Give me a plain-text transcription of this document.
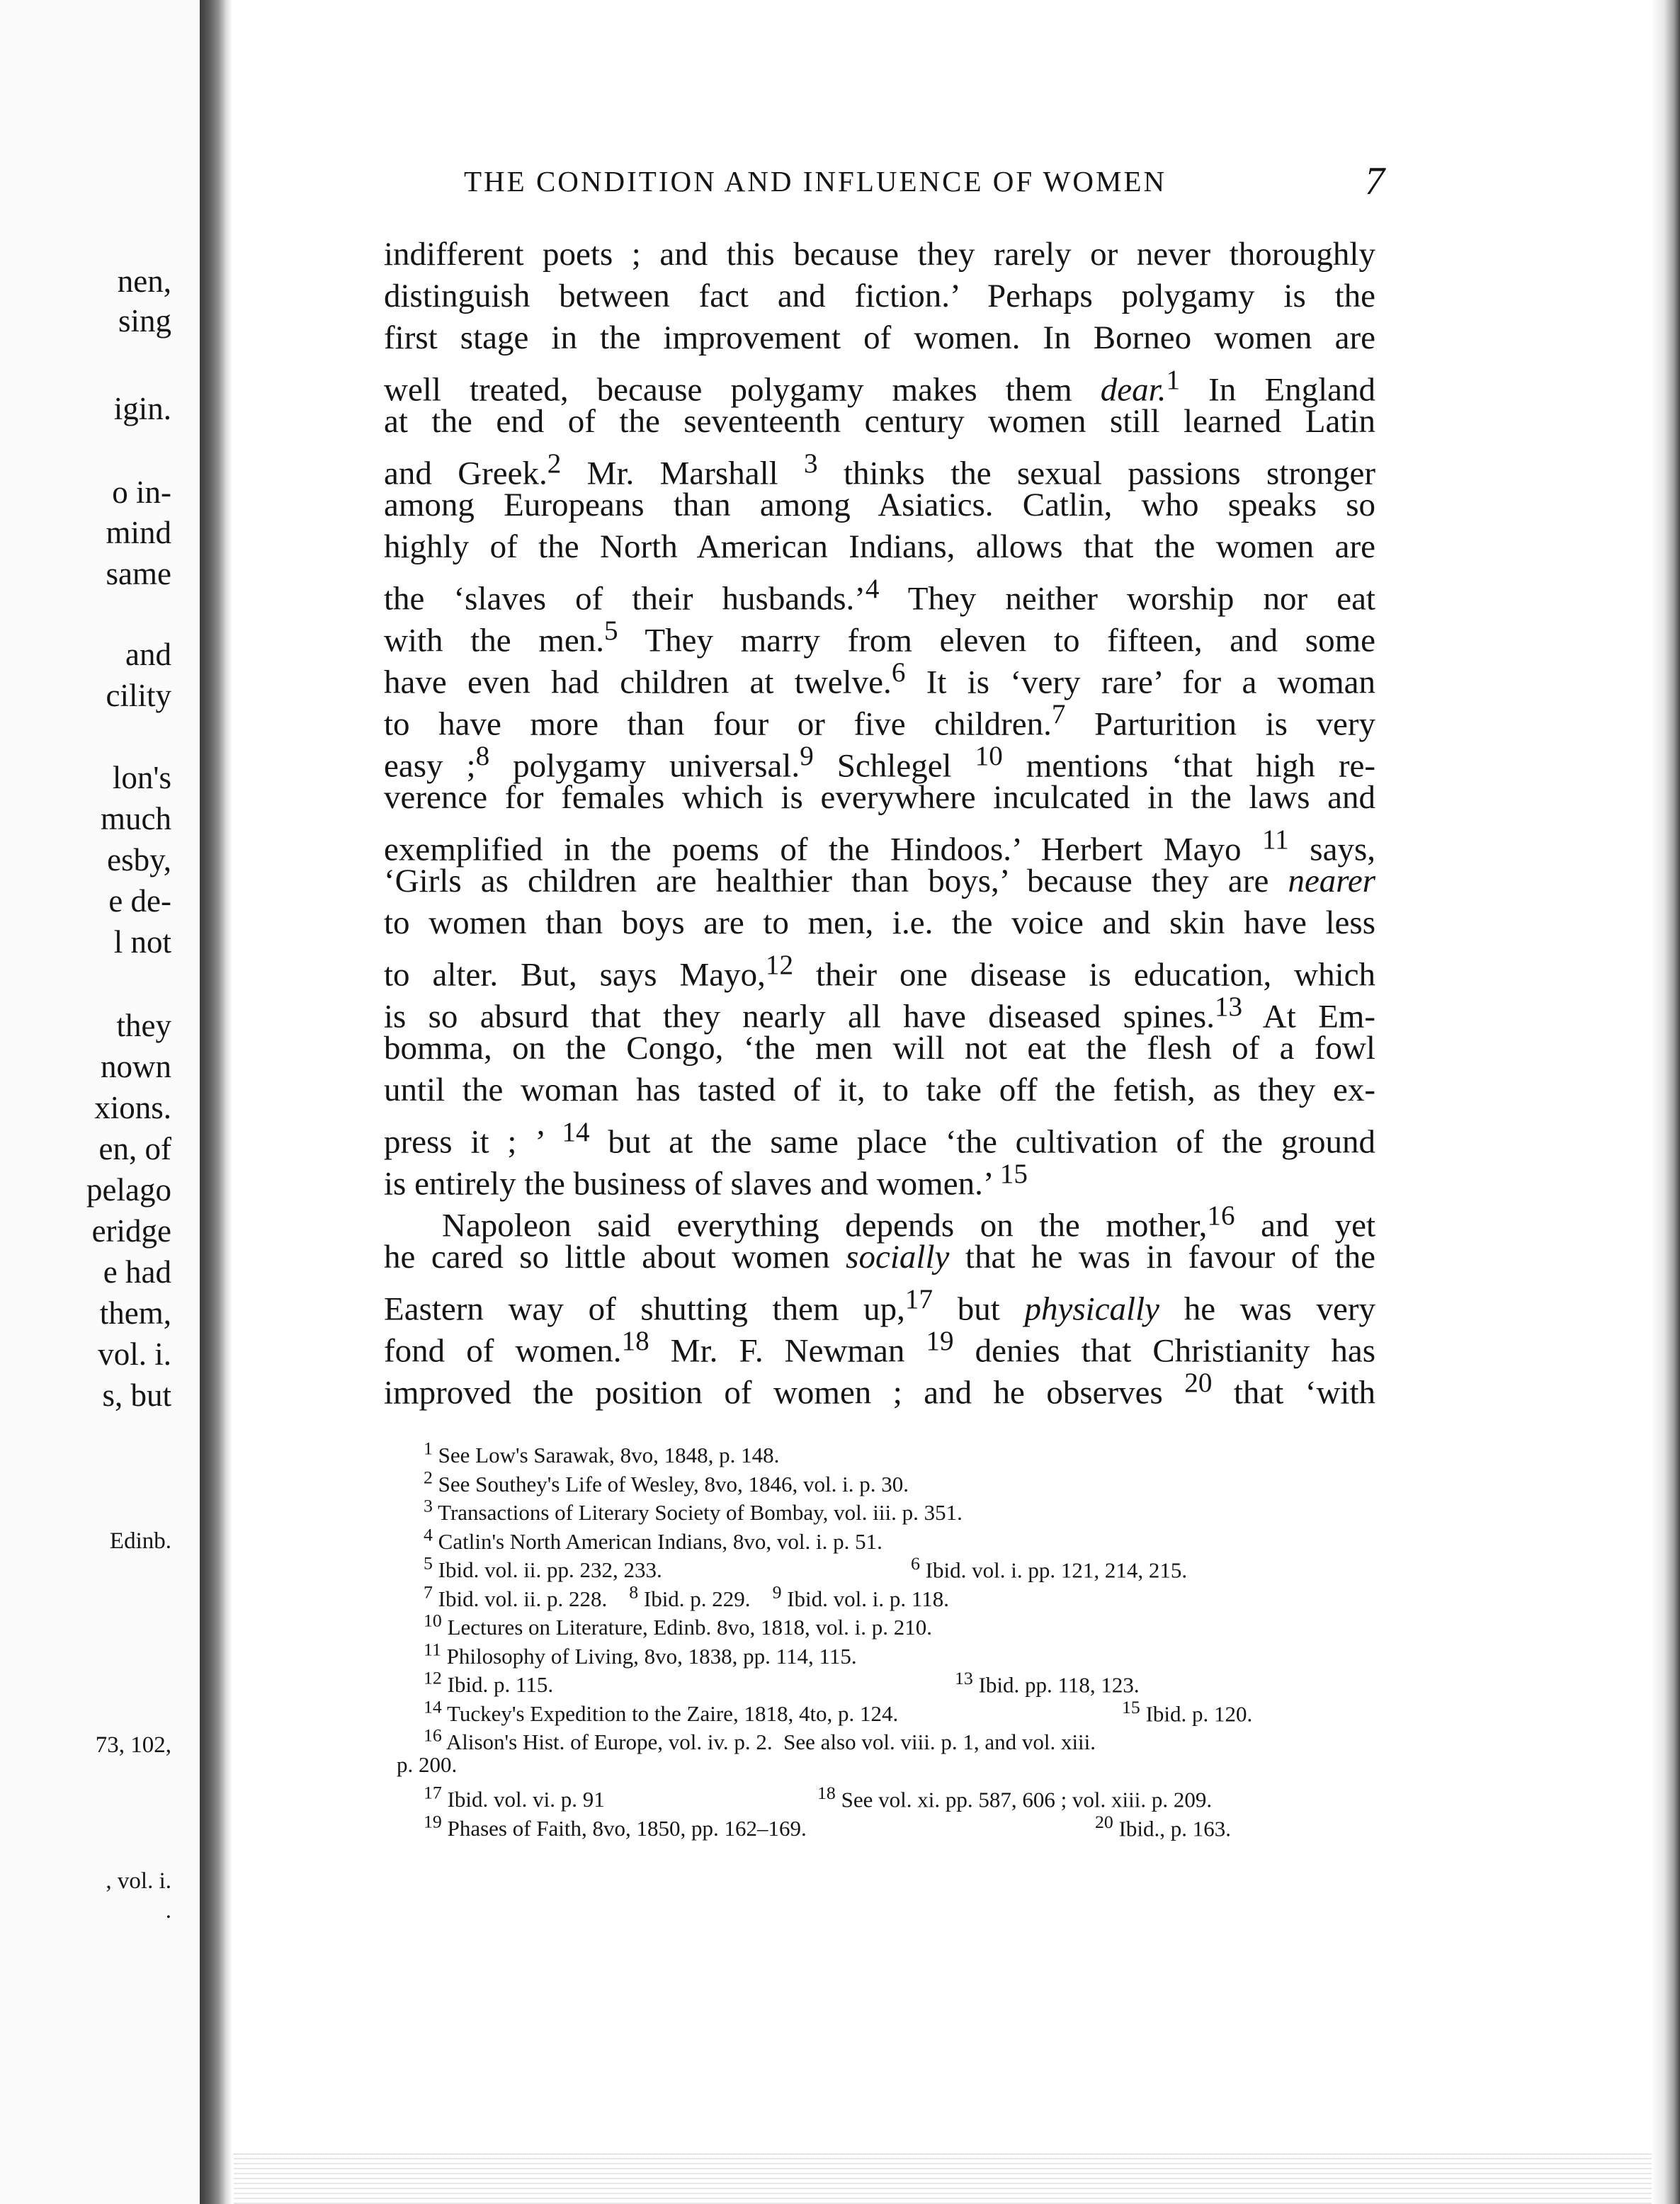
nen,
sing
igin.
o in-
mind
same
and
cility
lon's
much
esby,
e de-
l not
they
nown
xions.
en, of
pelago
eridge
e had
them,
vol. i.
s, but
Edinb.
73, 102,
, vol. i.
.
THE CONDITION AND INFLUENCE OF WOMEN	7
indifferent poets ; and this because they rarely or never thoroughly
distinguish between fact and fiction.’ Perhaps polygamy is the
first stage in the improvement of women. In Borneo women are
well treated, because polygamy makes them dear.$^1$ In England
at the end of the seventeenth century women still learned Latin
and Greek.$^2$ Mr. Marshall $^3$ thinks the sexual passions stronger
among Europeans than among Asiatics. Catlin, who speaks so
highly of the North American Indians, allows that the women are
the ‘slaves of their husbands.’$^4$ They neither worship nor eat
with the men.$^5$ They marry from eleven to fifteen, and some
have even had children at twelve.$^6$ It is ‘very rare’ for a woman
to have more than four or five children.$^7$ Parturition is very
easy ;$^8$ polygamy universal.$^9$ Schlegel $^{10}$ mentions ‘that high re-
verence for females which is everywhere inculcated in the laws and
exemplified in the poems of the Hindoos.’ Herbert Mayo $^{11}$ says,
‘Girls as children are healthier than boys,’ because they are nearer
to women than boys are to men, i.e. the voice and skin have less
to alter. But, says Mayo,$^{12}$ their one disease is education, which
is so absurd that they nearly all have diseased spines.$^{13}$ At Em-
bomma, on the Congo, ‘the men will not eat the flesh of a fowl
until the woman has tasted of it, to take off the fetish, as they ex-
press it ; ’ $^{14}$ but at the same place ‘the cultivation of the ground
is entirely the business of slaves and women.’ $^{15}$
Napoleon said everything depends on the mother,$^{16}$ and yet
he cared so little about women socially that he was in favour of the
Eastern way of shutting them up,$^{17}$ but physically he was very
fond of women.$^{18}$ Mr. F. Newman $^{19}$ denies that Christianity has
improved the position of women ; and he observes $^{20}$ that ‘with
$^1$ See Low's Sarawak, 8vo, 1848, p. 148.
$^2$ See Southey's Life of Wesley, 8vo, 1846, vol. i. p. 30.
$^3$ Transactions of Literary Society of Bombay, vol. iii. p. 351.
$^4$ Catlin's North American Indians, 8vo, vol. i. p. 51.
$^5$ Ibid. vol. ii. pp. 232, 233.	$^6$ Ibid. vol. i. pp. 121, 214, 215.
$^7$ Ibid. vol. ii. p. 228.    $^8$ Ibid. p. 229.    $^9$ Ibid. vol. i. p. 118.
$^{10}$ Lectures on Literature, Edinb. 8vo, 1818, vol. i. p. 210.
$^{11}$ Philosophy of Living, 8vo, 1838, pp. 114, 115.
$^{12}$ Ibid. p. 115.	$^{13}$ Ibid. pp. 118, 123.
$^{14}$ Tuckey's Expedition to the Zaire, 1818, 4to, p. 124.	$^{15}$ Ibid. p. 120.
$^{16}$ Alison's Hist. of Europe, vol. iv. p. 2.  See also vol. viii. p. 1, and vol. xiii.
p. 200.
$^{17}$ Ibid. vol. vi. p. 91	$^{18}$ See vol. xi. pp. 587, 606 ; vol. xiii. p. 209.
$^{19}$ Phases of Faith, 8vo, 1850, pp. 162–169.	$^{20}$ Ibid., p. 163.
